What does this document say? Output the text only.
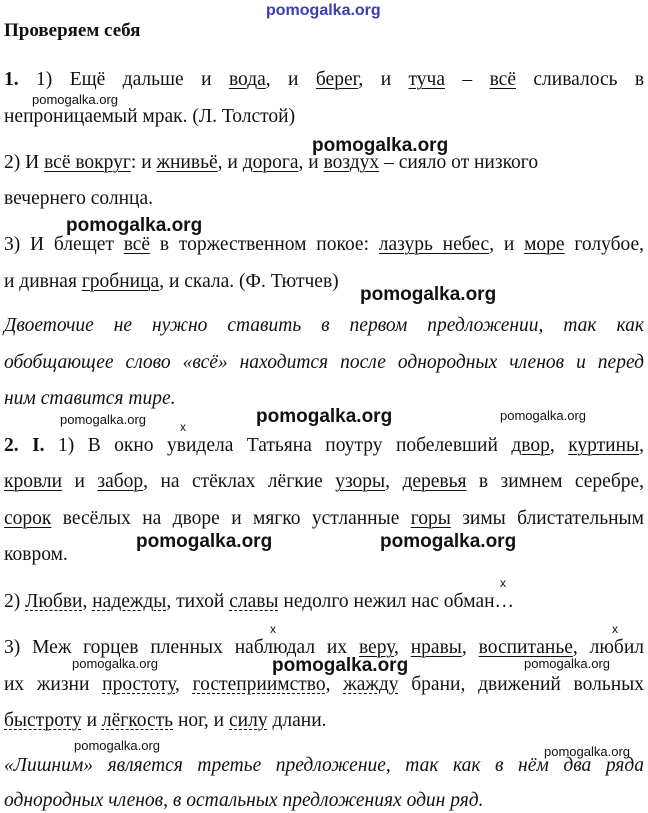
pomogalka.org
Проверяем себя
1. 1) Ещё дальше и вода, и берег, и туча – всё сливалось в
pomogalka.org
непроницаемый мрак. (Л. Толстой)
pomogalka.org
2) И всё вокруг: и жнивьё, и дорога, и воздух – сияло от низкого
вечернего солнца.
pomogalka.org
3) И блещет всё в торжественном покое: лазурь небес, и море голубое,
и дивная гробница, и скала. (Ф. Тютчев)
pomogalka.org
Двоеточие не нужно ставить в первом предложении, так как
обобщающее слово «всё» находится после однородных членов и перед
ним ставится тире.
pomogalka.org	x	pomogalka.org	pomogalka.org
2. I. 1) В окно увидела Татьяна поутру побелевший двор, куртины,
кровли и забор, на стёклах лёгкие узоры, деревья в зимнем серебре,
сорок весёлых на дворе и мягко устланные горы зимы блистательным
ковром.
pomogalka.org	pomogalka.org
x
2) Любви, надежды, тихой славы недолго нежил нас обман…
x	x
3) Меж горцев пленных наблюдал их веру, нравы, воспитанье, любил
pomogalka.org	pomogalka.org	pomogalka.org
их жизни простоту, гостеприимство, жажду брани, движений вольных
быстроту и лёгкость ног, и силу длани.
pomogalka.org	pomogalka.org
«Лишним» является третье предложение, так как в нём два ряда
однородных членов, в остальных предложениях один ряд.
